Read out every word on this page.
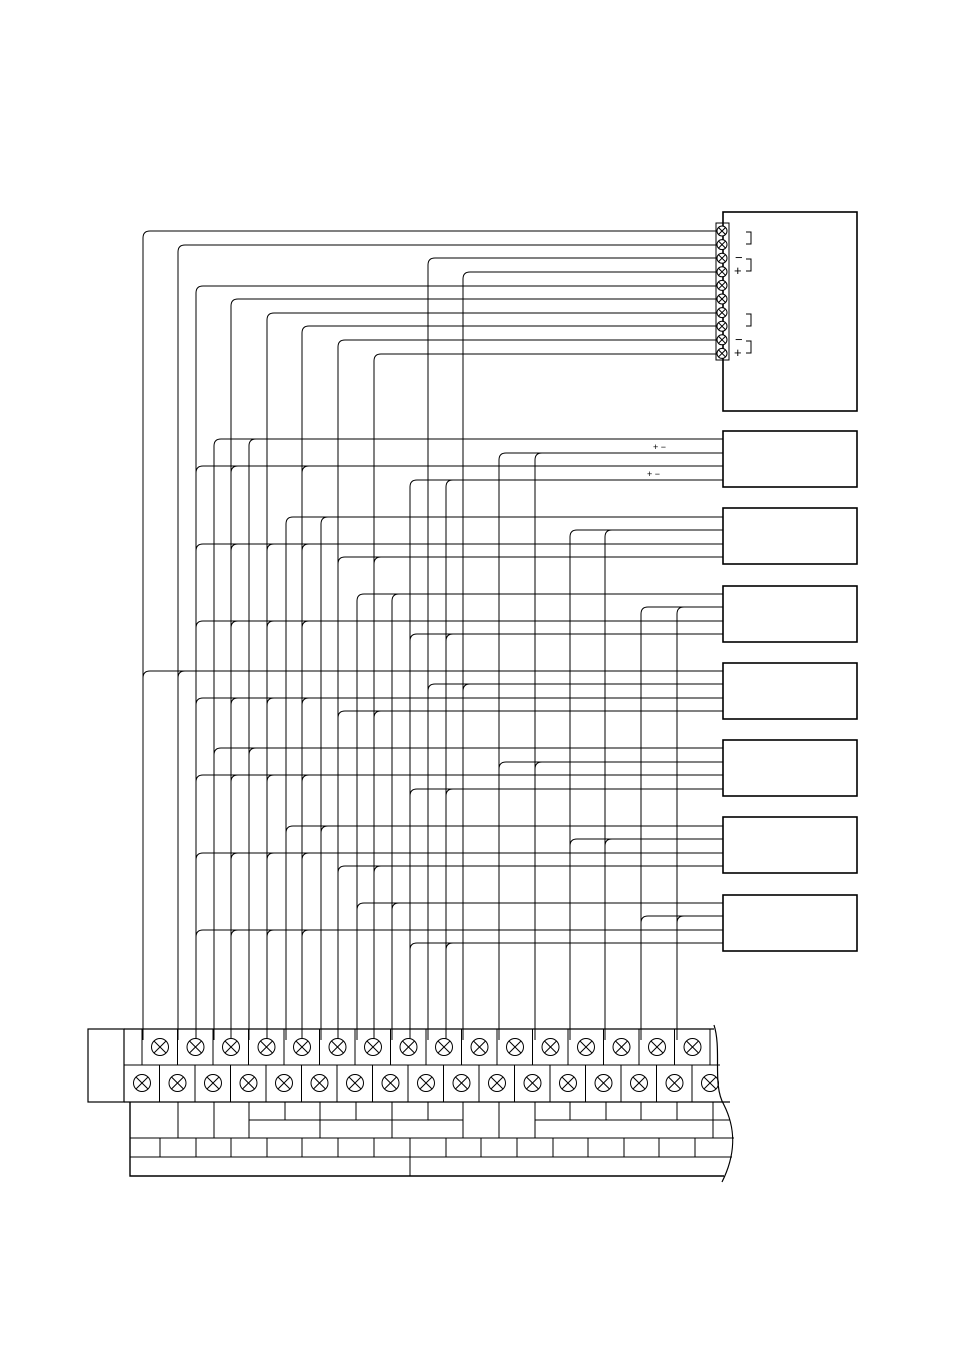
−
+
−
+
+ −
+ −
